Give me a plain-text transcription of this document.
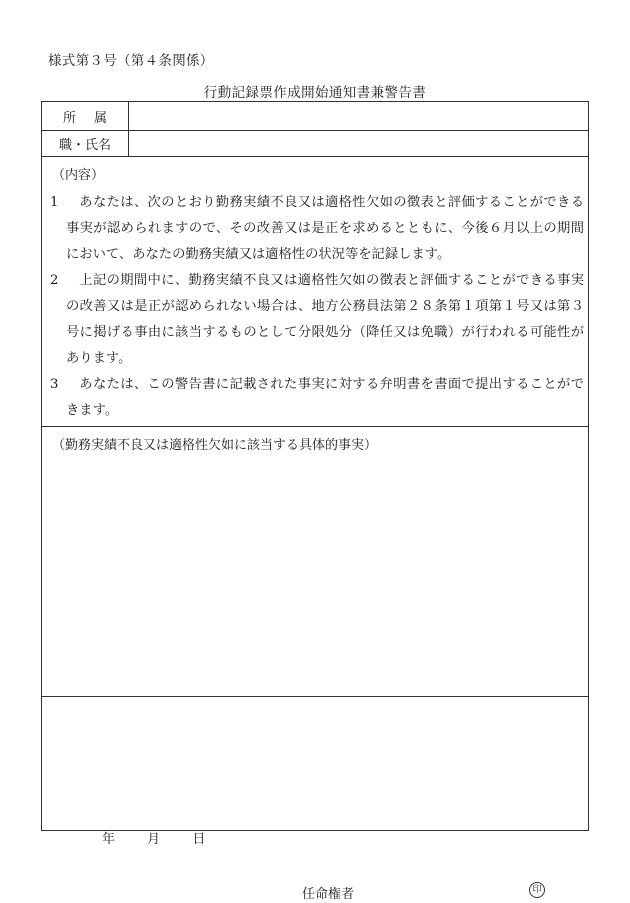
様式第３号（第４条関係）
行動記録票作成開始通知書兼警告書
所属
職・氏名
（内容）
1	あなたは、次のとおり勤務実績不良又は適格性欠如の徴表と評価することができる事実が認められますので、その改善又は是正を求めるとともに、今後６月以上の期間において、あなたの勤務実績又は適格性の状況等を記録します。
2	上記の期間中に、勤務実績不良又は適格性欠如の徴表と評価することができる事実の改善又は是正が認められない場合は、地方公務員法第２８条第１項第１号又は第３号に掲げる事由に該当するものとして分限処分（降任又は免職）が行われる可能性があります。
3	あなたは、この警告書に記載された事実に対する弁明書を書面で提出することができます。
（勤務実績不良又は適格性欠如に該当する具体的事実）
年 月 日
任命権者	印
